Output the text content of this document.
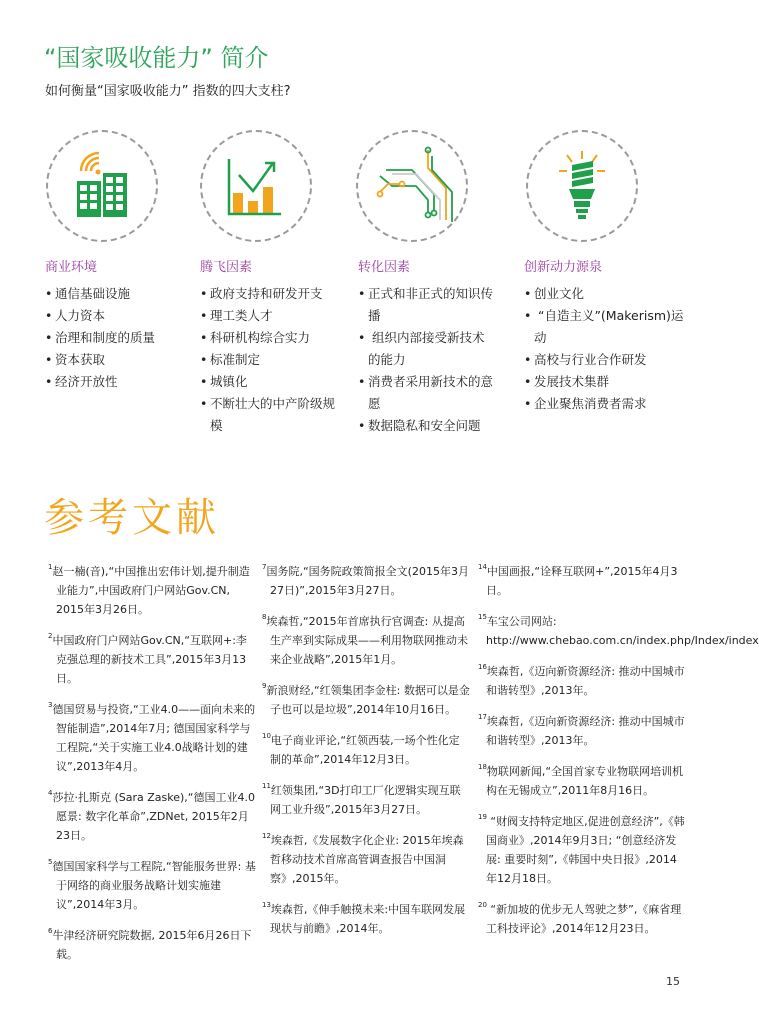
“国家吸收能力” 简介
如何衡量“国家吸收能力” 指数的四大支柱?
商业环境
• 通信基础设施
• 人力资本
• 治理和制度的质量
• 资本获取
• 经济开放性
腾飞因素
• 政府支持和研发开支
• 理工类人才
• 科研机构综合实力
• 标准制定
• 城镇化
• 不断壮大的中产阶级规模
转化因素
• 正式和非正式的知识传播
• 组织内部接受新技术的能力
• 消费者采用新技术的意愿
• 数据隐私和安全问题
创新动力源泉
• 创业文化
• “自造主义”(Makerism)运动
• 高校与行业合作研发
• 发展技术集群
• 企业聚焦消费者需求
参考文献
$^1$赵一楠(音),“中国推出宏伟计划,提升制造业能力”,中国政府门户网站Gov.CN, 2015年3月26日。
$^2$中国政府门户网站Gov.CN,“互联网+:李克强总理的新技术工具”,2015年3月13日。
$^3$德国贸易与投资,“工业4.0——面向未来的智能制造”,2014年7月; 德国国家科学与工程院,“关于实施工业4.0战略计划的建议”,2013年4月。
$^4$莎拉·扎斯克 (Sara Zaske),“德国工业4.0愿景: 数字化革命”,ZDNet, 2015年2月23日。
$^5$德国国家科学与工程院,“智能服务世界: 基于网络的商业服务战略计划实施建议”,2014年3月。
$^6$牛津经济研究院数据, 2015年6月26日下载。
$^7$国务院,“国务院政策简报全文(2015年3月27日)”,2015年3月27日。
$^8$埃森哲,“2015年首席执行官调查: 从提高生产率到实际成果——利用物联网推动未来企业战略”,2015年1月。
$^9$新浪财经,“红领集团李金柱: 数据可以是金子也可以是垃圾”,2014年10月16日。
$^{10}$电子商业评论,“红领西装,一场个性化定制的革命”,2014年12月3日。
$^{11}$红领集团,“3D打印工厂化逻辑实现互联网工业升级”,2015年3月27日。
$^{12}$埃森哲,《发展数字化企业: 2015年埃森哲移动技术首席高管调查报告中国洞察》,2015年。
$^{13}$埃森哲,《伸手触摸未来:中国车联网发展现状与前瞻》,2014年。
$^{14}$中国画报,“诠释互联网+”,2015年4月3日。
$^{15}$车宝公司网站: http://www.chebao.com.cn/index.php/Index/index
$^{16}$埃森哲,《迈向新资源经济: 推动中国城市和谐转型》,2013年。
$^{17}$埃森哲,《迈向新资源经济: 推动中国城市和谐转型》,2013年。
$^{18}$物联网新闻,“全国首家专业物联网培训机构在无锡成立”,2011年8月16日。
$^{19}$ “财阀支持特定地区,促进创意经济”,《韩国商业》,2014年9月3日; “创意经济发展: 重要时刻”,《韩国中央日报》,2014年12月18日。
$^{20}$ “新加坡的优步无人驾驶之梦”,《麻省理工科技评论》,2014年12月23日。
15
